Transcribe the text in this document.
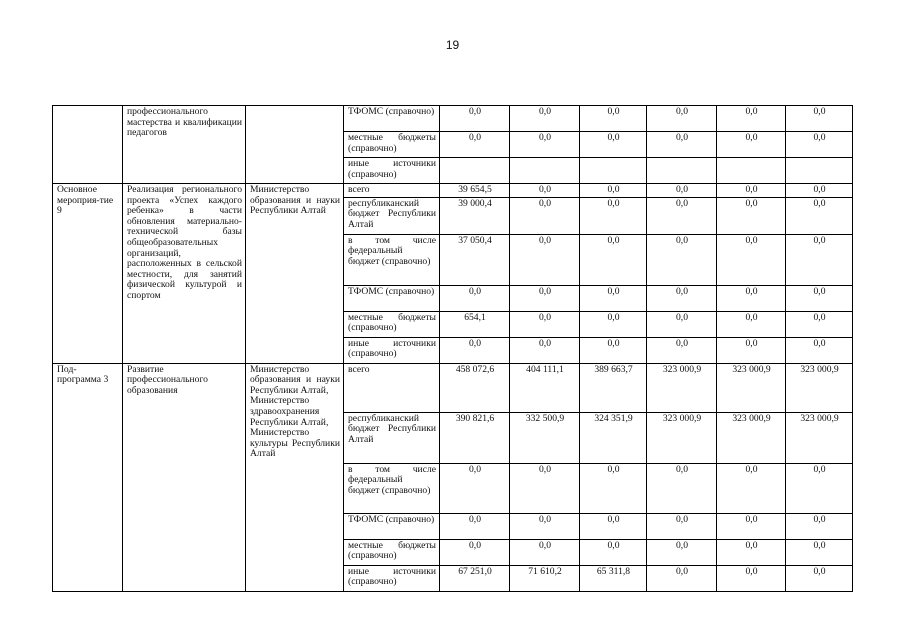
19
	профессионального мастерства и квалификации педагогов		ТФОМС (справочно)	0,0	0,0	0,0	0,0	0,0	0,0
			местные бюджеты (справочно)	0,0	0,0	0,0	0,0	0,0	0,0
			иные источники (справочно)						
Основное мероприя-тие 9	Реализация регионального проекта «Успех каждого ребенка» в части обновления материально-технической базы общеобразовательных организаций, расположенных в сельской местности, для занятий физической культурой и спортом	Министерство образования и науки Республики Алтай	всего	39 654,5	0,0	0,0	0,0	0,0	0,0
			республиканский бюджет Республики Алтай	39 000,4	0,0	0,0	0,0	0,0	0,0
			в том числе федеральный бюджет (справочно)	37 050,4	0,0	0,0	0,0	0,0	0,0
			ТФОМС (справочно)	0,0	0,0	0,0	0,0	0,0	0,0
			местные бюджеты (справочно)	654,1	0,0	0,0	0,0	0,0	0,0
			иные источники (справочно)	0,0	0,0	0,0	0,0	0,0	0,0
Под-программа 3	Развитие профессионального образования	Министерство образования и науки Республики Алтай,
Министерство здравоохранения Республики Алтай,
Министерство культуры Республики Алтай	всего	458 072,6	404 111,1	389 663,7	323 000,9	323 000,9	323 000,9
			республиканский бюджет Республики Алтай	390 821,6	332 500,9	324 351,9	323 000,9	323 000,9	323 000,9
			в том числе федеральный бюджет (справочно)	0,0	0,0	0,0	0,0	0,0	0,0
			ТФОМС (справочно)	0,0	0,0	0,0	0,0	0,0	0,0
			местные бюджеты (справочно)	0,0	0,0	0,0	0,0	0,0	0,0
			иные источники (справочно)	67 251,0	71 610,2	65 311,8	0,0	0,0	0,0
